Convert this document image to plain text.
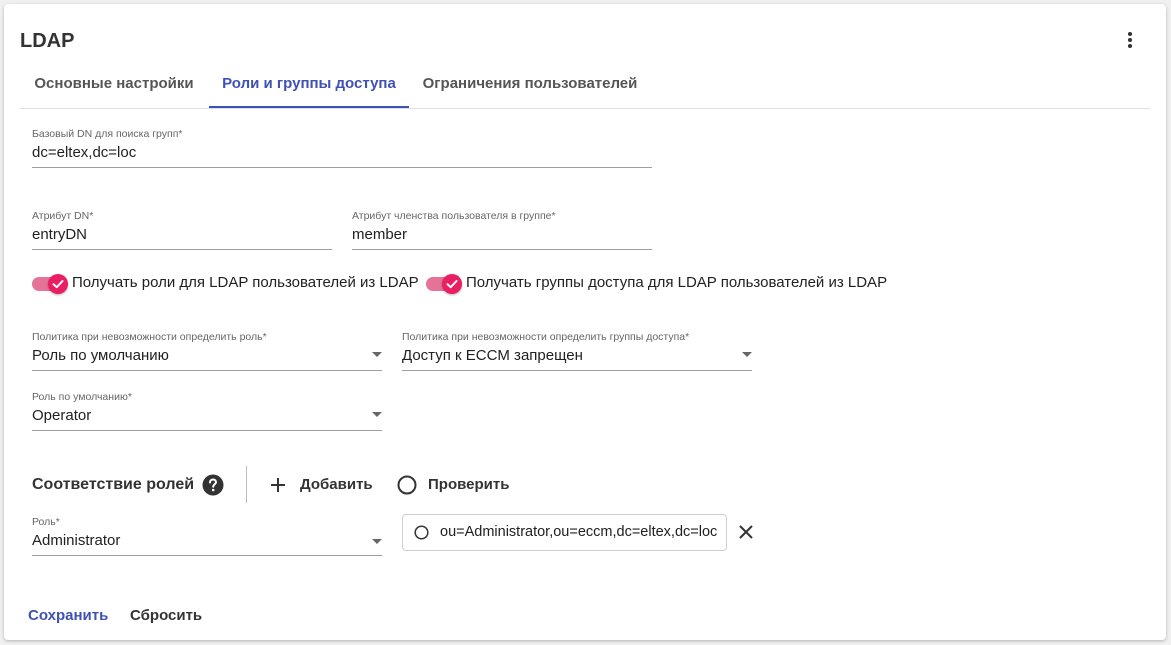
LDAP
Основные настройки	Роли и группы доступа	Ограничения пользователей
Базовый DN для поиска групп*
dc=eltex,dc=loc
Атрибут DN*
entryDN
Атрибут членства пользователя в группе*
member
Получать роли для LDAP пользователей из LDAP	Получать группы доступа для LDAP пользователей из LDAP
Политика при невозможности определить роль*
Роль по умолчанию
Политика при невозможности определить группы доступа*
Доступ к ECCM запрещен
Роль по умолчанию*
Operator
Соответствие ролей	Добавить	Проверить
Роль*
Administrator	ou=Administrator,ou=eccm,dc=eltex,dc=loc
Сохранить Сбросить
